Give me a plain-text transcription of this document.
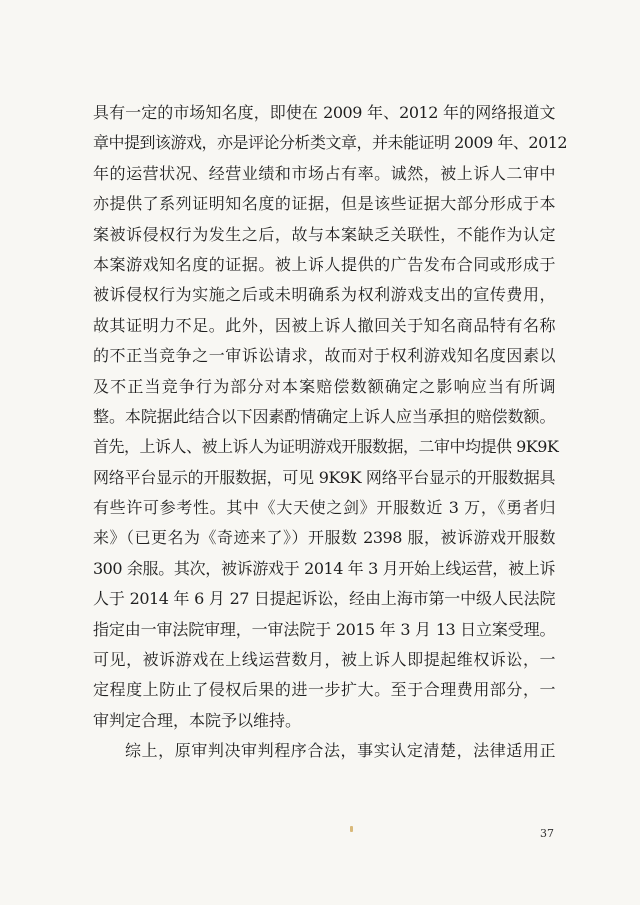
具有一定的市场知名度，即使在 2009 年、2012 年的网络报道文
章中提到该游戏，亦是评论分析类文章，并未能证明 2009 年、2012
年的运营状况、经营业绩和市场占有率。诚然，被上诉人二审中
亦提供了系列证明知名度的证据，但是该些证据大部分形成于本
案被诉侵权行为发生之后，故与本案缺乏关联性，不能作为认定
本案游戏知名度的证据。被上诉人提供的广告发布合同或形成于
被诉侵权行为实施之后或未明确系为权利游戏支出的宣传费用，
故其证明力不足。此外，因被上诉人撤回关于知名商品特有名称
的不正当竞争之一审诉讼请求，故而对于权利游戏知名度因素以
及不正当竞争行为部分对本案赔偿数额确定之影响应当有所调
整。本院据此结合以下因素酌情确定上诉人应当承担的赔偿数额。
首先，上诉人、被上诉人为证明游戏开服数据，二审中均提供 9K9K
网络平台显示的开服数据，可见 9K9K 网络平台显示的开服数据具
有些许可参考性。其中《大天使之剑》开服数近 3 万，《勇者归
来》（已更名为《奇迹来了》）开服数 2398 服，被诉游戏开服数
300 余服。其次，被诉游戏于 2014 年 3 月开始上线运营，被上诉
人于 2014 年 6 月 27 日提起诉讼，经由上海市第一中级人民法院
指定由一审法院审理，一审法院于 2015 年 3 月 13 日立案受理。
可见，被诉游戏在上线运营数月，被上诉人即提起维权诉讼，一
定程度上防止了侵权后果的进一步扩大。至于合理费用部分，一
审判定合理，本院予以维持。
综上，原审判决审判程序合法，事实认定清楚，法律适用正
37
